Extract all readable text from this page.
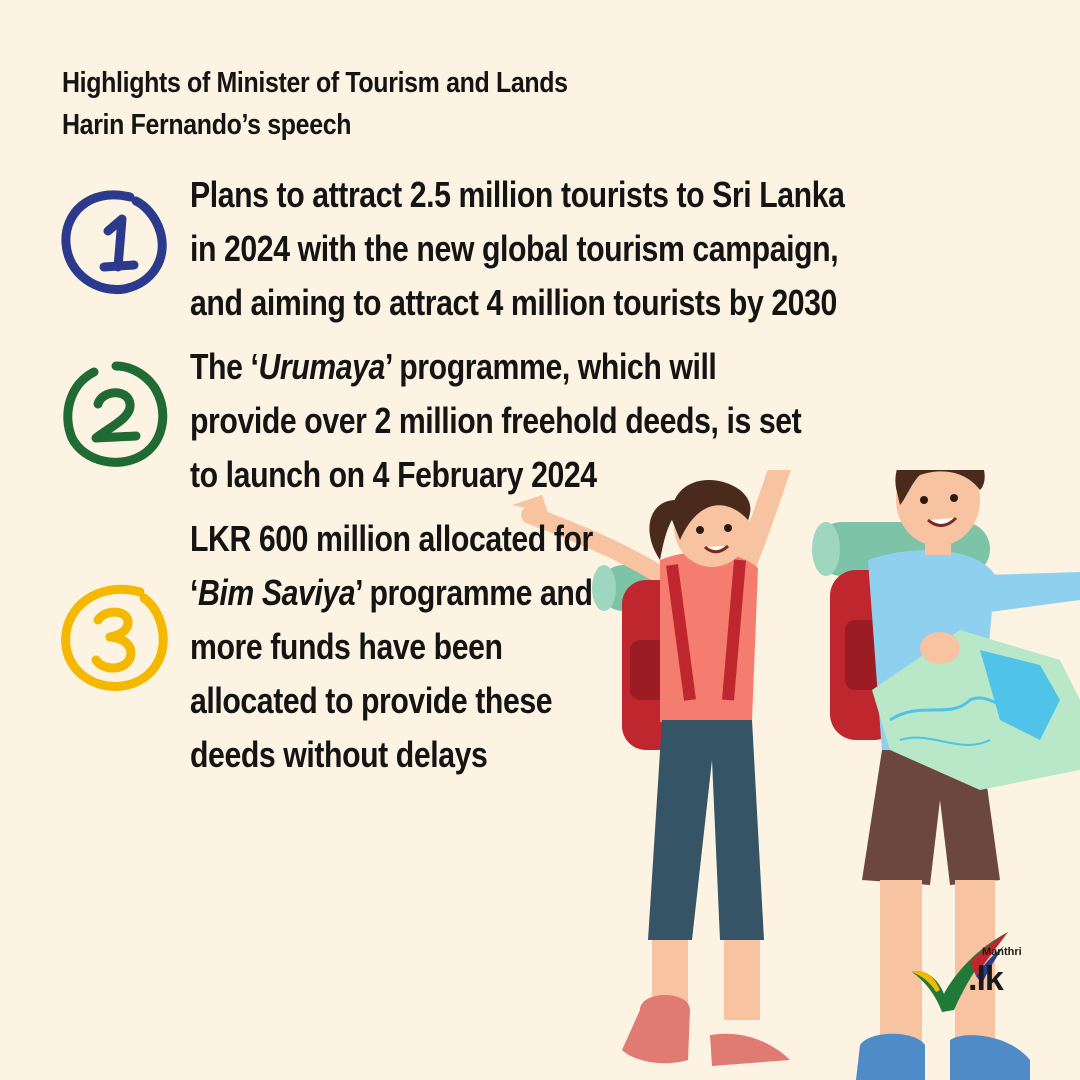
Highlights of Minister of Tourism and Lands
Harin Fernando’s speech
Plans to attract 2.5 million tourists to Sri Lanka
in 2024 with the new global tourism campaign,
and aiming to attract 4 million tourists by 2030
The ‘Urumaya’ programme, which will
provide over 2 million freehold deeds, is set
to launch on 4 February 2024
LKR 600 million allocated for
‘Bim Saviya’ programme and
more funds have been
allocated to provide these
deeds without delays
Manthri
.lk
